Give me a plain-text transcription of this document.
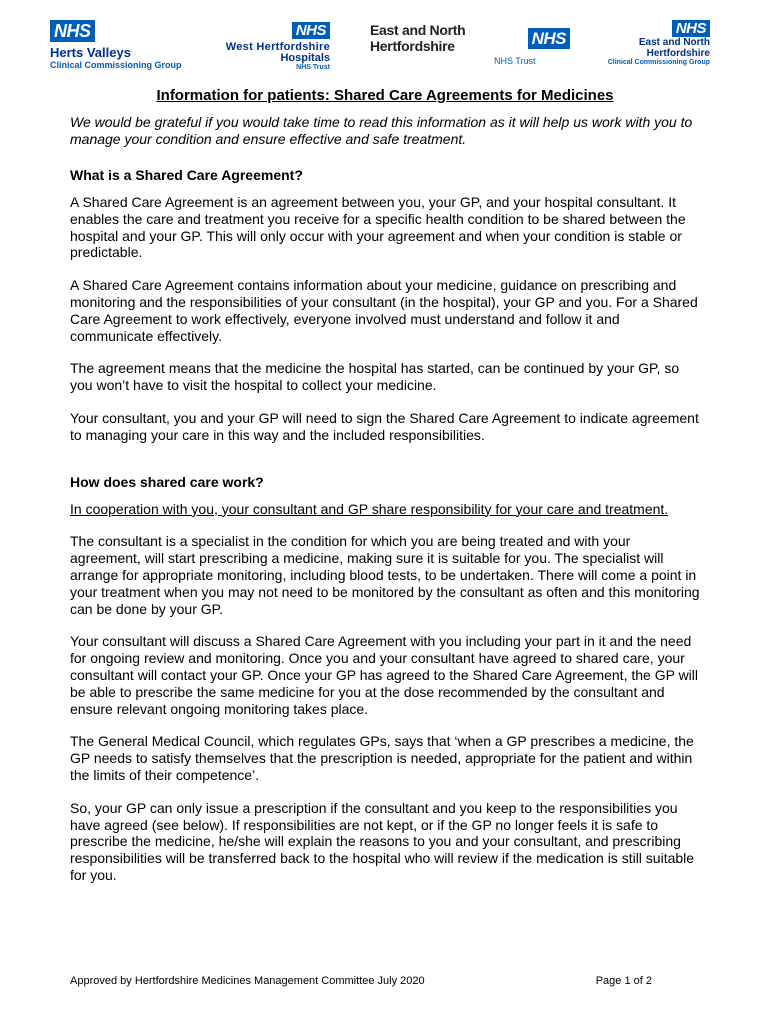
NHS
Herts Valleys
Clinical Commissioning Group
NHS
West Hertfordshire
Hospitals
NHS Trust
East and North Hertfordshire	NHS
NHS Trust
NHS
East and North
Hertfordshire
Clinical Commissioning Group
Information for patients: Shared Care Agreements for Medicines

We would be grateful if you would take time to read this information as it will help us work with you to manage your condition and ensure effective and safe treatment.

What is a Shared Care Agreement?

A Shared Care Agreement is an agreement between you, your GP, and your hospital consultant. It enables the care and treatment you receive for a specific health condition to be shared between the hospital and your GP. This will only occur with your agreement and when your condition is stable or predictable.

A Shared Care Agreement contains information about your medicine, guidance on prescribing and monitoring and the responsibilities of your consultant (in the hospital), your GP and you. For a Shared Care Agreement to work effectively, everyone involved must understand and follow it and communicate effectively.

The agreement means that the medicine the hospital has started, can be continued by your GP, so you won’t have to visit the hospital to collect your medicine.

Your consultant, you and your GP will need to sign the Shared Care Agreement to indicate agreement to managing your care in this way and the included responsibilities.

How does shared care work?

In cooperation with you, your consultant and GP share responsibility for your care and treatment.

The consultant is a specialist in the condition for which you are being treated and with your agreement, will start prescribing a medicine, making sure it is suitable for you. The specialist will arrange for appropriate monitoring, including blood tests, to be undertaken. There will come a point in your treatment when you may not need to be monitored by the consultant as often and this monitoring can be done by your GP.

Your consultant will discuss a Shared Care Agreement with you including your part in it and the need for ongoing review and monitoring. Once you and your consultant have agreed to shared care, your consultant will contact your GP. Once your GP has agreed to the Shared Care Agreement, the GP will be able to prescribe the same medicine for you at the dose recommended by the consultant and ensure relevant ongoing monitoring takes place.

The General Medical Council, which regulates GPs, says that ‘when a GP prescribes a medicine, the GP needs to satisfy themselves that the prescription is needed, appropriate for the patient and within the limits of their competence’.

So, your GP can only issue a prescription if the consultant and you keep to the responsibilities you have agreed (see below). If responsibilities are not kept, or if the GP no longer feels it is safe to prescribe the medicine, he/she will explain the reasons to you and your consultant, and prescribing responsibilities will be transferred back to the hospital who will review if the medication is still suitable for you.

Approved by Hertfordshire Medicines Management Committee July 2020	Page 1 of 2
